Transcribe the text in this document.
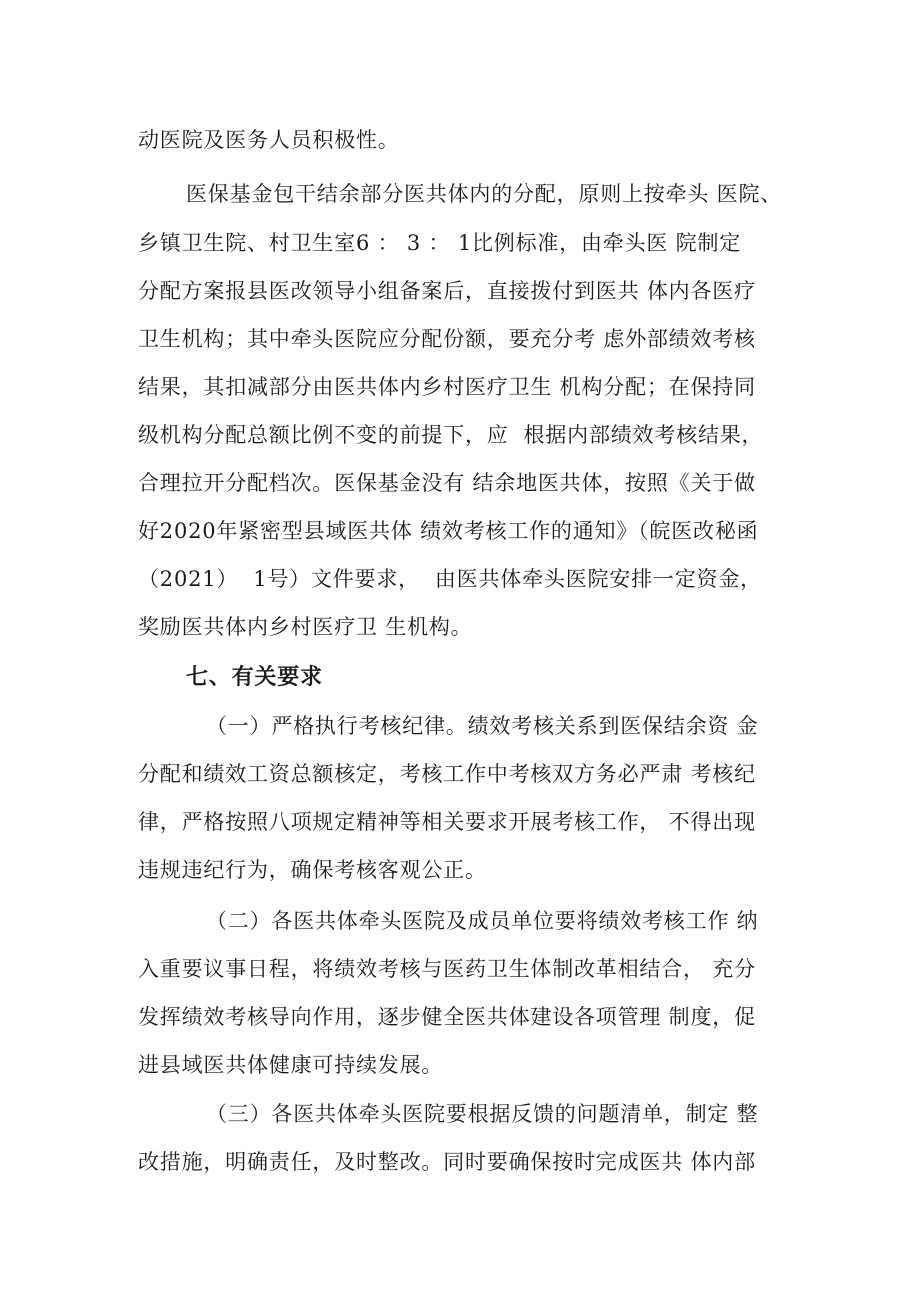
动医院及医务人员积极性。
医保基金包干结余部分医共体内的分配，原则上按牵头 医院、
乡镇卫生院、村卫生室6 ： 3 ： 1比例标准，由牵头医 院制定
分配方案报县医改领导小组备案后，直接拨付到医共 体内各医疗
卫生机构；其中牵头医院应分配份额，要充分考 虑外部绩效考核
结果，其扣减部分由医共体内乡村医疗卫生 机构分配；在保持同
级机构分配总额比例不变的前提下，应  根据内部绩效考核结果，
合理拉开分配档次。医保基金没有 结余地医共体，按照《关于做
好2020年紧密型县域医共体 绩效考核工作的通知》（皖医改秘函
（2021）  1号）文件要求，  由医共体牵头医院安排一定资金，
奖励医共体内乡村医疗卫 生机构。
七、有关要求
（一）严格执行考核纪律。绩效考核关系到医保结余资 金
分配和绩效工资总额核定，考核工作中考核双方务必严肃 考核纪
律，严格按照八项规定精神等相关要求开展考核工作， 不得出现
违规违纪行为，确保考核客观公正。
（二）各医共体牵头医院及成员单位要将绩效考核工作 纳
入重要议事日程，将绩效考核与医药卫生体制改革相结合， 充分
发挥绩效考核导向作用，逐步健全医共体建设各项管理 制度，促
进县域医共体健康可持续发展。
（三）各医共体牵头医院要根据反馈的问题清单，制定 整
改措施，明确责任，及时整改。同时要确保按时完成医共 体内部
